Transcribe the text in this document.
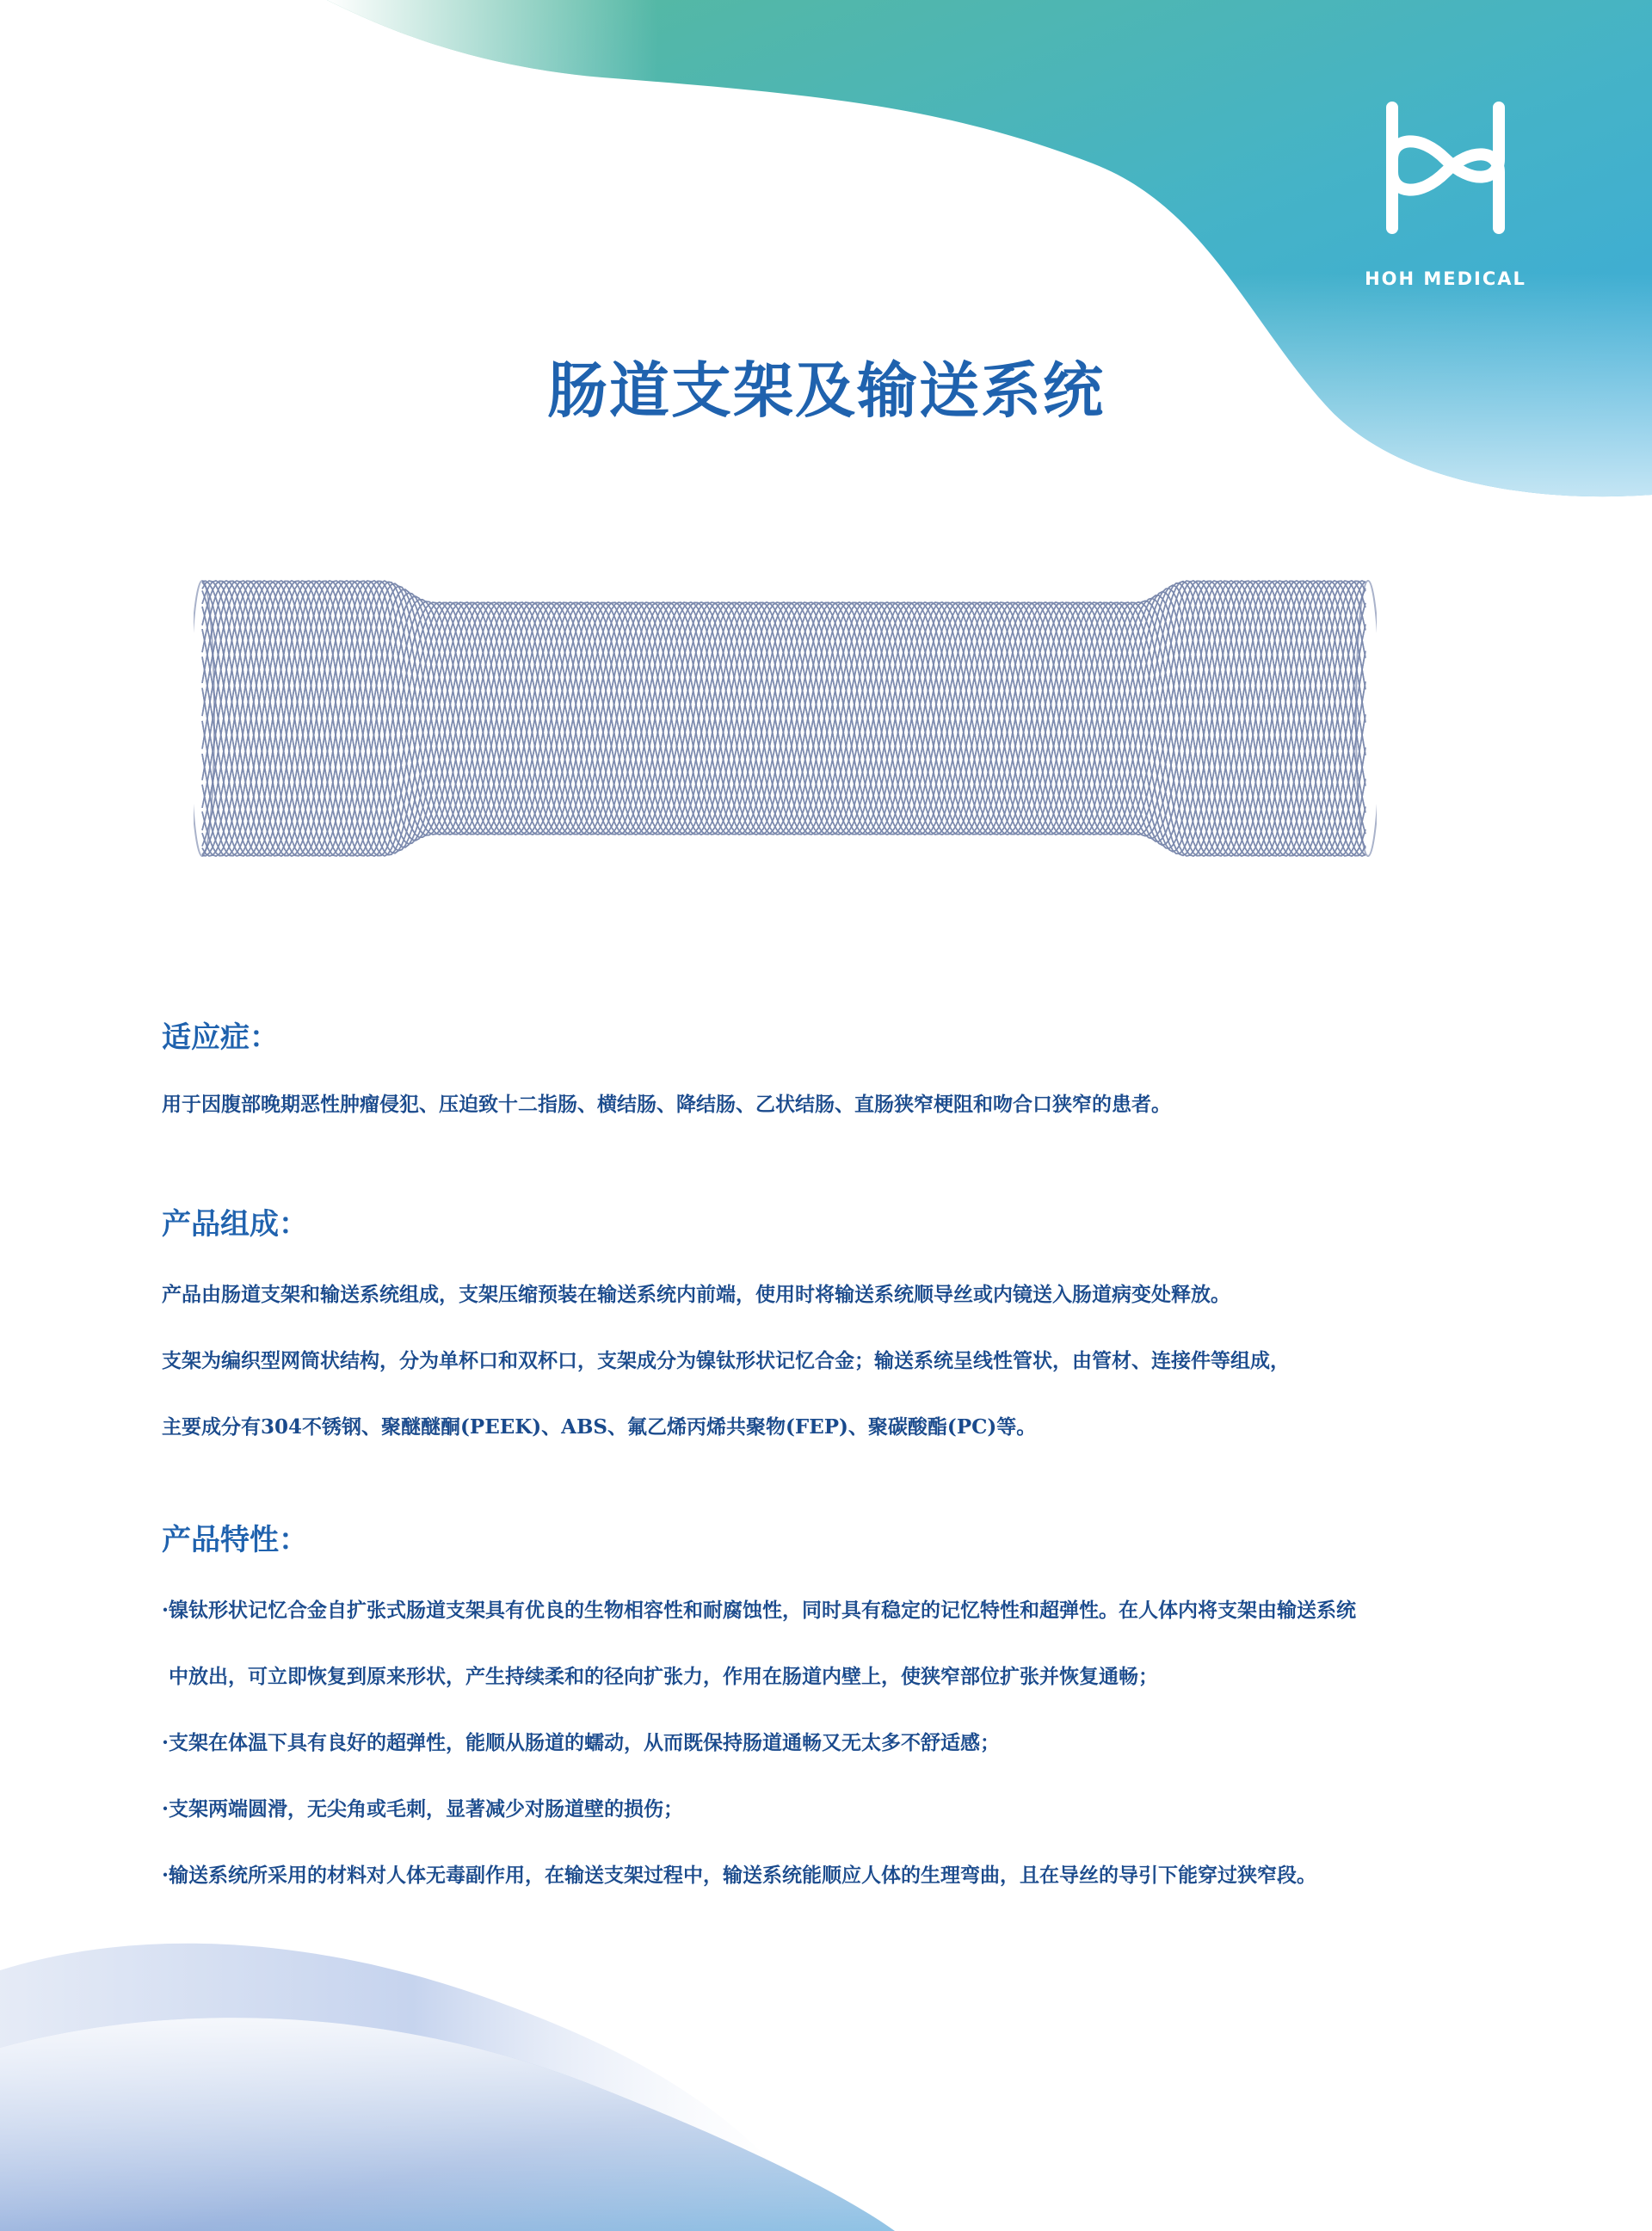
HOH MEDICAL
肠道支架及输送系统
适应症：

用于因腹部晚期恶性肿瘤侵犯、压迫致十二指肠、横结肠、降结肠、乙状结肠、直肠狭窄梗阻和吻合口狭窄的患者。

产品组成：

产品由肠道支架和输送系统组成，支架压缩预装在输送系统内前端，使用时将输送系统顺导丝或内镜送入肠道病变处释放。

支架为编织型网筒状结构，分为单杯口和双杯口，支架成分为镍钛形状记忆合金；输送系统呈线性管状，由管材、连接件等组成，

主要成分有304不锈钢、聚醚醚酮(PEEK)、ABS、氟乙烯丙烯共聚物(FEP)、聚碳酸酯(PC)等。

产品特性：

·镍钛形状记忆合金自扩张式肠道支架具有优良的生物相容性和耐腐蚀性，同时具有稳定的记忆特性和超弹性。在人体内将支架由输送系统

中放出，可立即恢复到原来形状，产生持续柔和的径向扩张力，作用在肠道内壁上，使狭窄部位扩张并恢复通畅；

·支架在体温下具有良好的超弹性，能顺从肠道的蠕动，从而既保持肠道通畅又无太多不舒适感；

·支架两端圆滑，无尖角或毛刺，显著减少对肠道壁的损伤；

·输送系统所采用的材料对人体无毒副作用，在输送支架过程中，输送系统能顺应人体的生理弯曲，且在导丝的导引下能穿过狭窄段。
